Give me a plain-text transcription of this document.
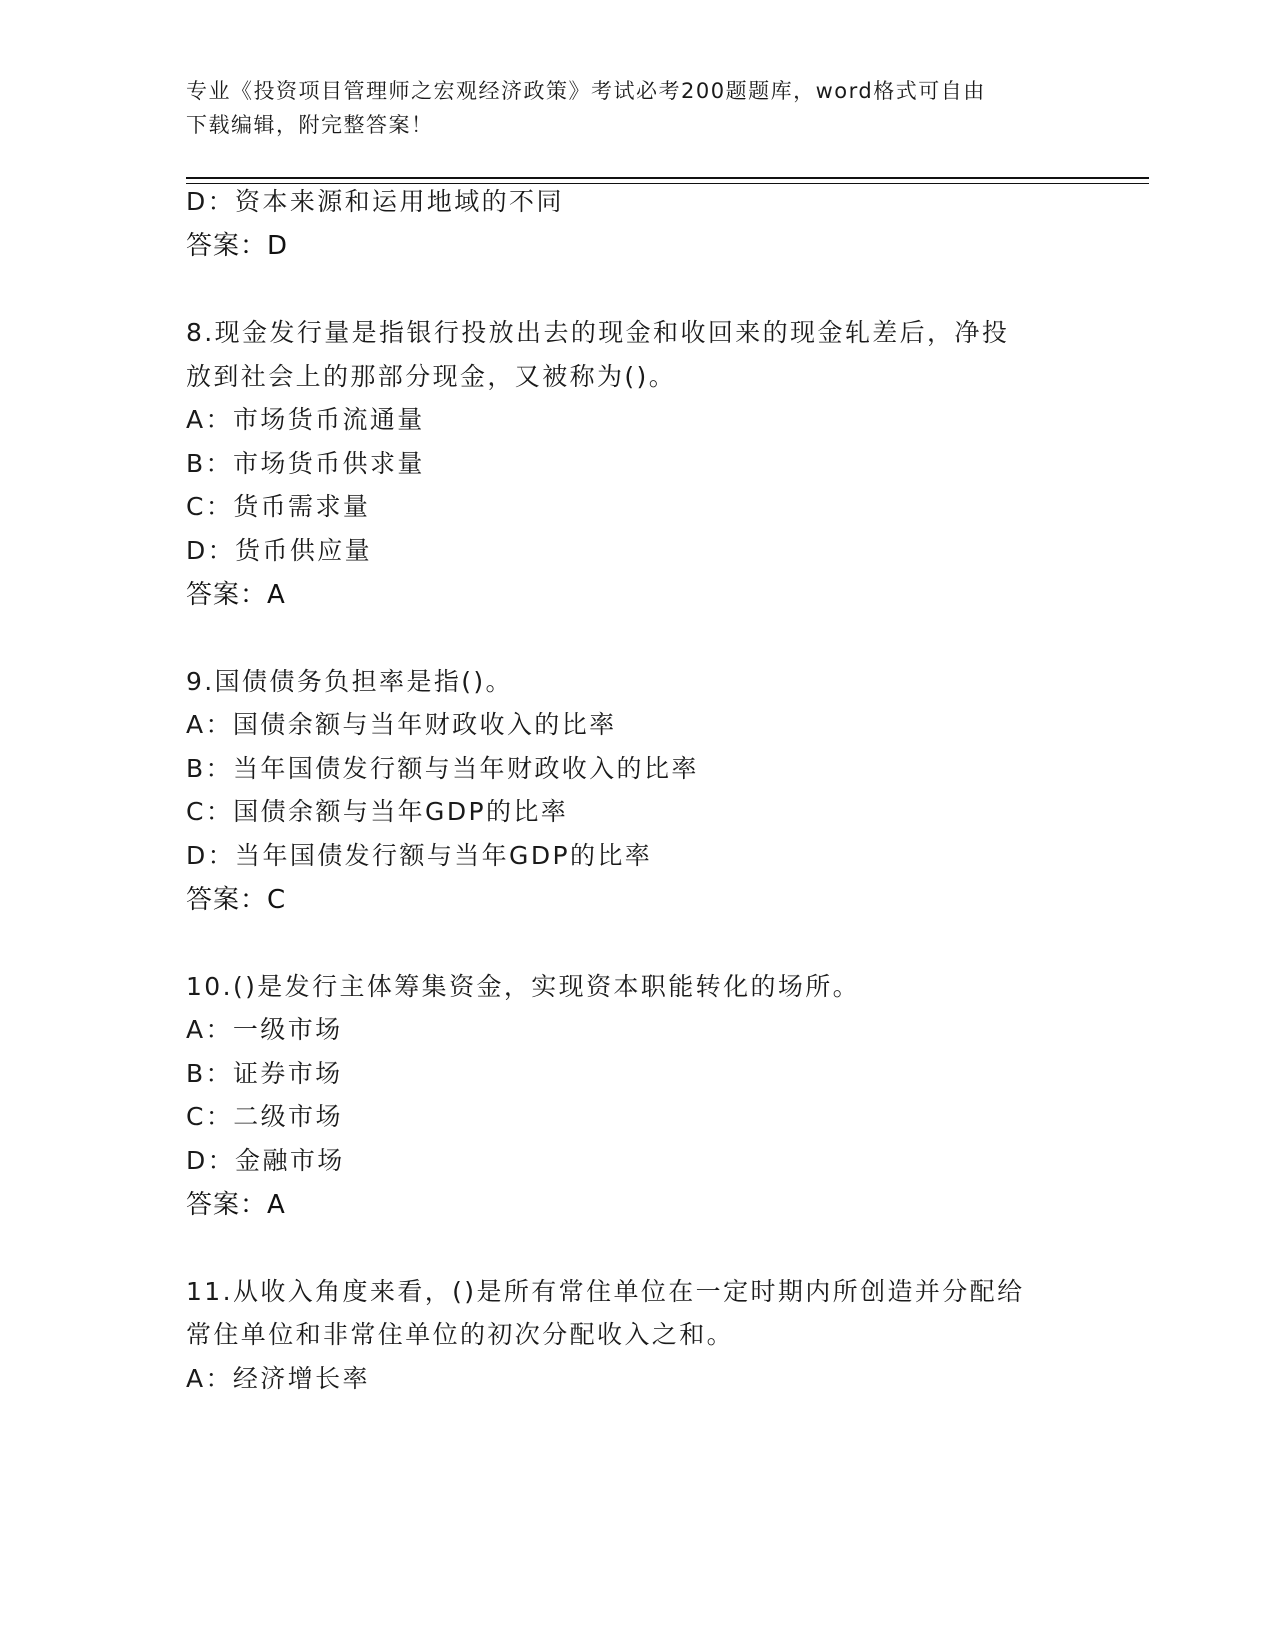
专业《投资项目管理师之宏观经济政策》考试必考200题题库，word格式可自由
下载编辑，附完整答案！
D：资本来源和运用地域的不同
答案：D
8.现金发行量是指银行投放出去的现金和收回来的现金轧差后，净投
放到社会上的那部分现金，又被称为()。
A：市场货币流通量
B：市场货币供求量
C：货币需求量
D：货币供应量
答案：A
9.国债债务负担率是指()。
A：国债余额与当年财政收入的比率
B：当年国债发行额与当年财政收入的比率
C：国债余额与当年GDP的比率
D：当年国债发行额与当年GDP的比率
答案：C
10.()是发行主体筹集资金，实现资本职能转化的场所。
A：一级市场
B：证券市场
C：二级市场
D：金融市场
答案：A
11.从收入角度来看，()是所有常住单位在一定时期内所创造并分配给
常住单位和非常住单位的初次分配收入之和。
A：经济增长率
